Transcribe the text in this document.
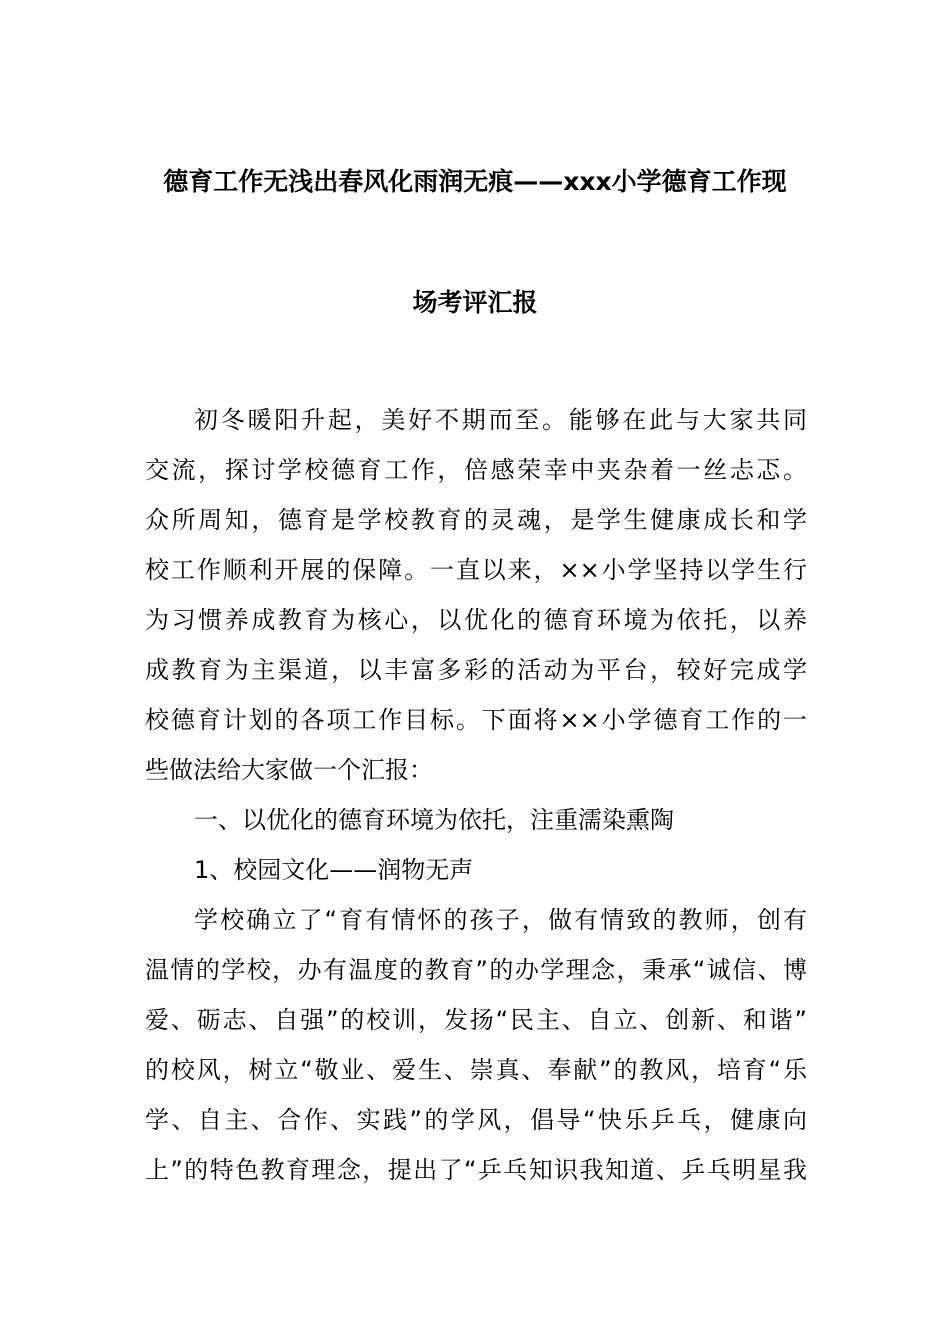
德育工作无浅出春风化雨润无痕——xxx小学德育工作现
场考评汇报
初冬暖阳升起，美好不期而至。能够在此与大家共同
交流，探讨学校德育工作，倍感荣幸中夹杂着一丝忐忑。
众所周知，德育是学校教育的灵魂，是学生健康成长和学
校工作顺利开展的保障。一直以来，××小学坚持以学生行
为习惯养成教育为核心，以优化的德育环境为依托，以养
成教育为主渠道，以丰富多彩的活动为平台，较好完成学
校德育计划的各项工作目标。下面将××小学德育工作的一
些做法给大家做一个汇报：
一、以优化的德育环境为依托，注重濡染熏陶
1、校园文化——润物无声
学校确立了“育有情怀的孩子，做有情致的教师，创有
温情的学校，办有温度的教育”的办学理念，秉承“诚信、博
爱、砺志、自强”的校训，发扬“民主、自立、创新、和谐”
的校风，树立“敬业、爱生、崇真、奉献”的教风，培育“乐
学、自主、合作、实践”的学风，倡导“快乐乒乓，健康向
上”的特色教育理念，提出了“乒乓知识我知道、乒乓明星我
